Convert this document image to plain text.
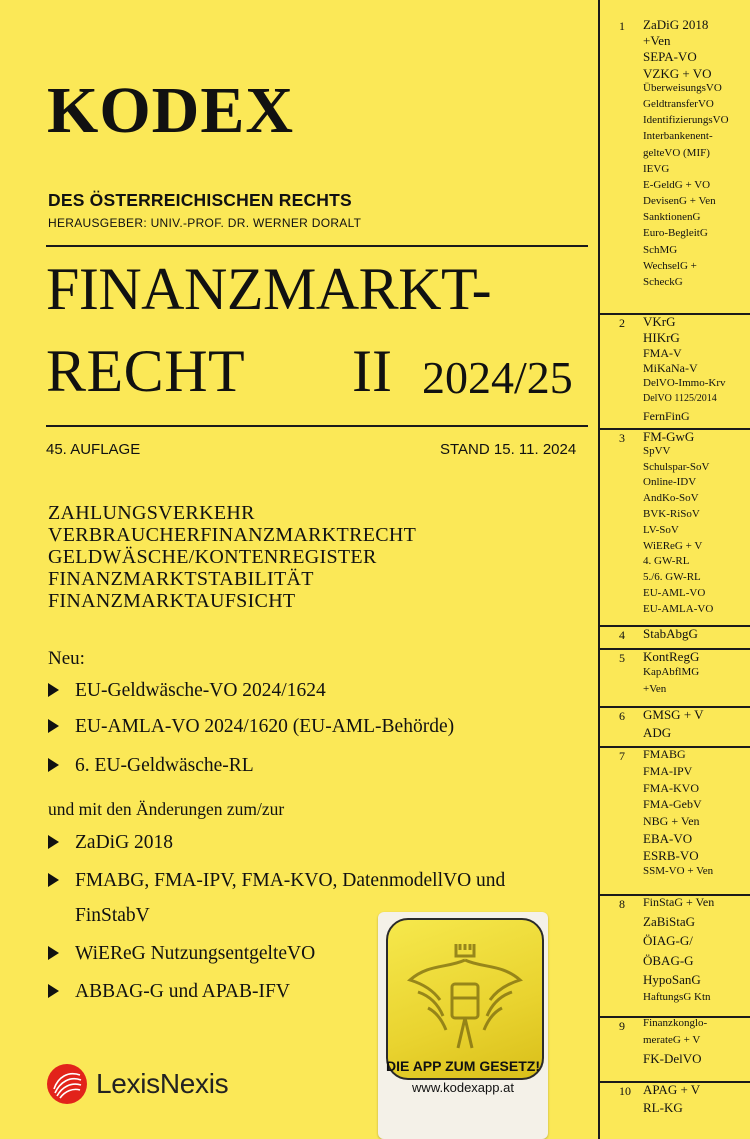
KODEX
DES ÖSTERREICHISCHEN RECHTS
HERAUSGEBER: UNIV.-PROF. DR. WERNER DORALT
FINANZMARKT-
RECHT II 2024/25
45. AUFLAGE	STAND 15. 11. 2024
ZAHLUNGSVERKEHR
VERBRAUCHERFINANZMARKTRECHT
GELDWÄSCHE/KONTENREGISTER
FINANZMARKTSTABILITÄT
FINANZMARKTAUFSICHT
Neu:
EU-Geldwäsche-VO 2024/1624
EU-AMLA-VO 2024/1620 (EU-AML-Behörde)
6. EU-Geldwäsche-RL
und mit den Änderungen zum/zur
ZaDiG 2018
FMABG, FMA-IPV, FMA-KVO, DatenmodellVO und
FinStabV
WiEReG NutzungsentgelteVO
ABBAG-G und APAB-IFV
LexisNexis
DIE APP ZUM GESETZ!
www.kodexapp.at
1 ZaDiG 2018
+Ven
SEPA-VO
VZKG + VO
ÜberweisungsVO
GeldtransferVO
IdentifizierungsVO
Interbankenent-
gelteVO (MIF)
IEVG
E-GeldG + VO
DevisenG + Ven
SanktionenG
Euro-BegleitG
SchMG
WechselG +
ScheckG
2 VKrG
HIKrG
FMA-V
MiKaNa-V
DelVO-Immo-Krv
DelVO 1125/2014
FernFinG
3 FM-GwG
SpVV
Schulspar-SoV
Online-IDV
AndKo-SoV
BVK-RiSoV
LV-SoV
WiEReG + V
4. GW-RL
5./6. GW-RL
EU-AML-VO
EU-AMLA-VO
4 StabAbgG
5 KontRegG
KapAbflMG
+Ven
6 GMSG + V
ADG
7 FMABG
FMA-IPV
FMA-KVO
FMA-GebV
NBG + Ven
EBA-VO
ESRB-VO
SSM-VO + Ven
8 FinStaG + Ven
ZaBiStaG
ÖIAG-G/
ÖBAG-G
HypoSanG
HaftungsG Ktn
9 Finanzkonglo-
merateG + V
FK-DelVO
10 APAG + V
RL-KG
